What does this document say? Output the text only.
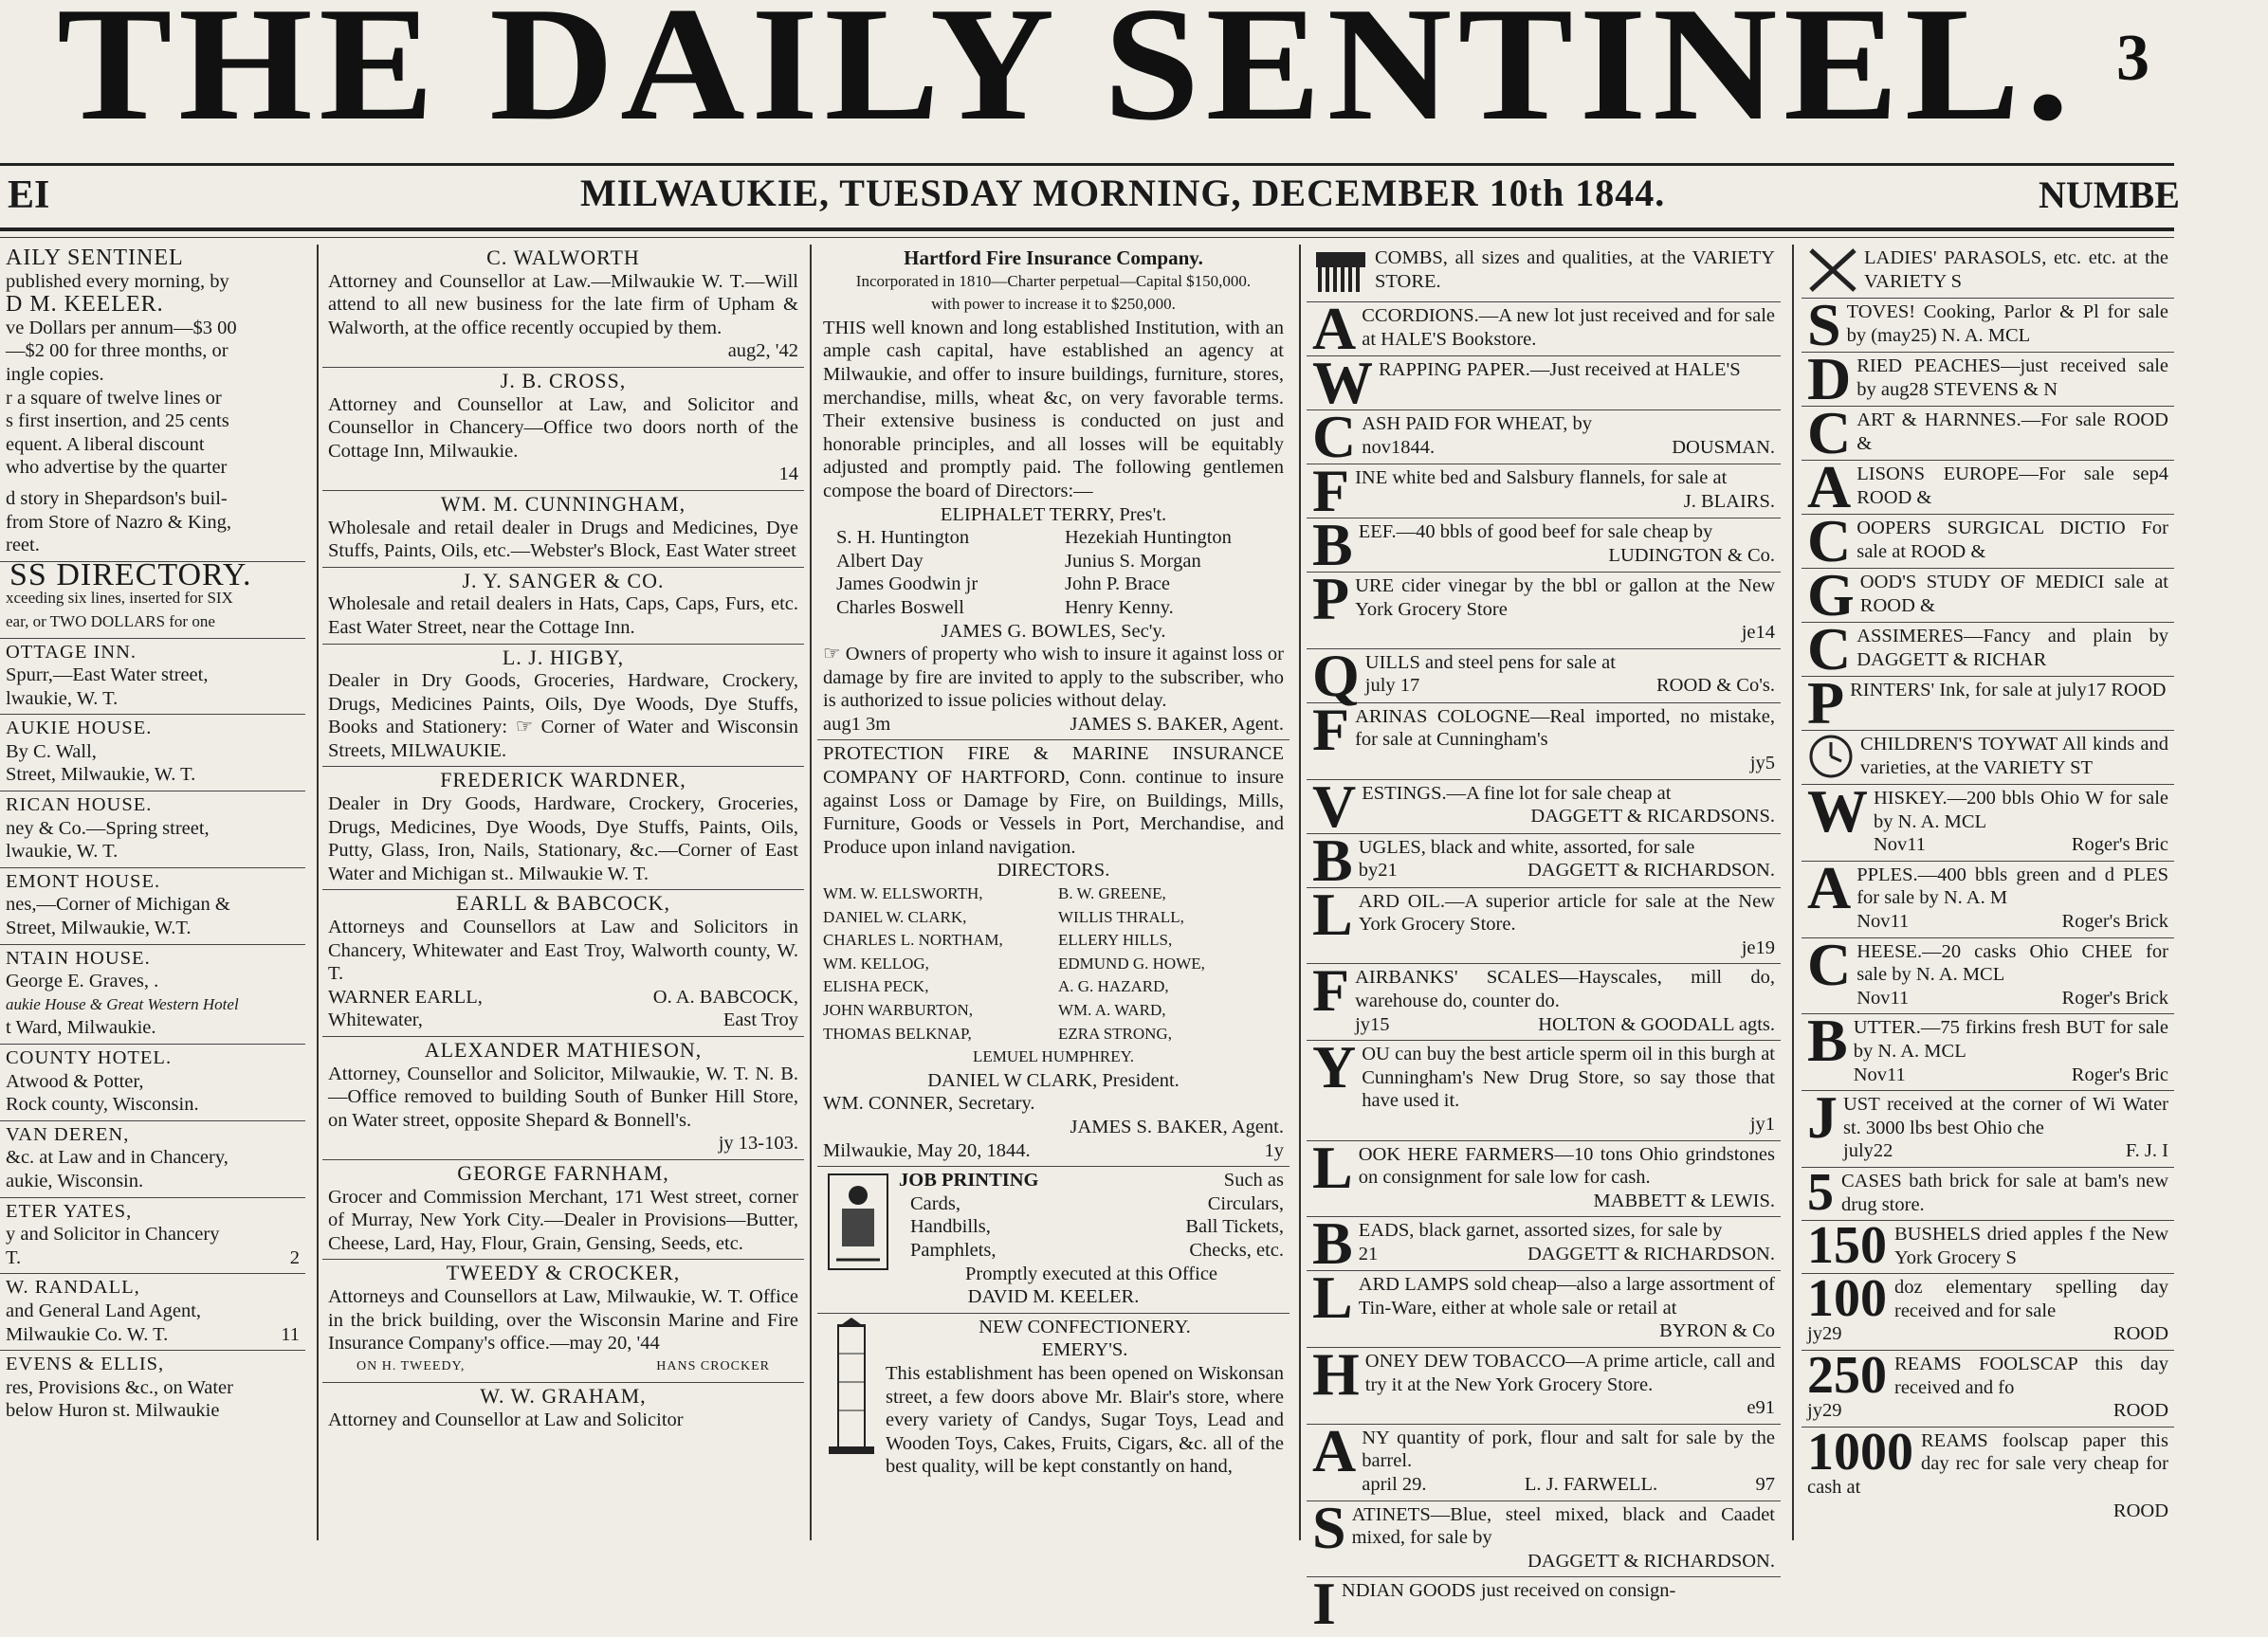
THE DAILY SENTINEL. 3
EI	MILWAUKIE, TUESDAY MORNING, DECEMBER 10th 1844.	NUMBE
AILY SENTINEL
published every morning, by
D M. KEELER.
ve Dollars per annum—$3 00
—$2 00 for three months, or
ingle copies.
r a square of twelve lines or
s first insertion, and 25 cents
equent. A liberal discount
who advertise by the quarter
d story in Shepardson's buil-
from Store of Nazro & King,
reet.
SS DIRECTORY.
xceeding six lines, inserted for SIX
ear, or TWO DOLLARS for one
OTTAGE INN.
Spurr,—East Water street,
lwaukie, W. T.
AUKIE HOUSE.
By C. Wall,
Street, Milwaukie, W. T.
RICAN HOUSE.
ney & Co.—Spring street,
lwaukie, W. T.
EMONT HOUSE.
nes,—Corner of Michigan &
Street, Milwaukie, W.T.
NTAIN HOUSE.
George E. Graves, .
aukie House & Great Western Hotel
t Ward, Milwaukie.
COUNTY HOTEL.
Atwood & Potter,
Rock county, Wisconsin.
VAN DEREN,
&c. at Law and in Chancery,
aukie, Wisconsin.
ETER YATES,
y and Solicitor in Chancery
T.	2
W. RANDALL,
and General Land Agent,
Milwaukie Co. W. T.	11
EVENS & ELLIS,
res, Provisions &c., on Water
below Huron st. Milwaukie
C. WALWORTH

Attorney and Counsellor at Law.—Milwaukie W. T.—Will attend to all new business for the late firm of Upham & Walworth, at the office recently occupied by them.

aug2, '42
J. B. CROSS,

Attorney and Counsellor at Law, and Solicitor and Counsellor in Chancery—Office two doors north of the Cottage Inn, Milwaukie.

14
WM. M. CUNNINGHAM,

Wholesale and retail dealer in Drugs and Medicines, Dye Stuffs, Paints, Oils, etc.—Webster's Block, East Water street

J. Y. SANGER & CO.

Wholesale and retail dealers in Hats, Caps, Caps, Furs, etc. East Water Street, near the Cottage Inn.

L. J. HIGBY,

Dealer in Dry Goods, Groceries, Hardware, Crockery, Drugs, Medicines Paints, Oils, Dye Woods, Dye Stuffs, Books and Stationery: ☞ Corner of Water and Wisconsin Streets, MILWAUKIE.

FREDERICK WARDNER,

Dealer in Dry Goods, Hardware, Crockery, Groceries, Drugs, Medicines, Dye Woods, Dye Stuffs, Paints, Oils, Putty, Glass, Iron, Nails, Stationary, &c.—Corner of East Water and Michigan st.. Milwaukie W. T.

EARLL & BABCOCK,

Attorneys and Counsellors at Law and Solicitors in Chancery, Whitewater and East Troy, Walworth county, W. T.

WARNER EARLL,	O. A. BABCOCK,
Whitewater,	East Troy
ALEXANDER MATHIESON,

Attorney, Counsellor and Solicitor, Milwaukie, W. T. N. B.—Office removed to building South of Bunker Hill Store, on Water street, opposite Shepard & Bonnell's.

jy 13-103.
GEORGE FARNHAM,

Grocer and Commission Merchant, 171 West street, corner of Murray, New York City.—Dealer in Provisions—Butter, Cheese, Lard, Hay, Flour, Grain, Gensing, Seeds, etc.

TWEEDY & CROCKER,

Attorneys and Counsellors at Law, Milwaukie, W. T. Office in the brick building, over the Wisconsin Marine and Fire Insurance Company's office.—may 20, '44

ON H. TWEEDY,	HANS CROCKER
W. W. GRAHAM,

Attorney and Counsellor at Law and Solicitor

Hartford Fire Insurance Company.
Incorporated in 1810—Charter perpetual—Capital $150,000.
with power to increase it to $250,000.

THIS well known and long established Institution, with an ample cash capital, have established an agency at Milwaukie, and offer to insure buildings, furniture, stores, merchandise, mills, wheat &c, on very favorable terms. Their extensive business is conducted on just and honorable principles, and all losses will be equitably adjusted and promptly paid. The following gentlemen compose the board of Directors:—

ELIPHALET TERRY, Pres't.
S. H. Huntington	Hezekiah Huntington
Albert Day	Junius S. Morgan
James Goodwin jr	John P. Brace
Charles Boswell	Henry Kenny.
JAMES G. BOWLES, Sec'y.

☞ Owners of property who wish to insure it against loss or damage by fire are invited to apply to the subscriber, who is authorized to issue policies without delay.

aug1 3m	JAMES S. BAKER, Agent.

PROTECTION FIRE & MARINE INSURANCE COMPANY OF HARTFORD, Conn. continue to insure against Loss or Damage by Fire, on Buildings, Mills, Furniture, Goods or Vessels in Port, Merchandise, and Produce upon inland navigation.

DIRECTORS.
WM. W. ELLSWORTH,	B. W. GREENE,
DANIEL W. CLARK,	WILLIS THRALL,
CHARLES L. NORTHAM,	ELLERY HILLS,
WM. KELLOG,	EDMUND G. HOWE,
ELISHA PECK,	A. G. HAZARD,
JOHN WARBURTON,	WM. A. WARD,
THOMAS BELKNAP,	EZRA STRONG,
LEMUEL HUMPHREY.
DANIEL W CLARK, President.
WM. CONNER, Secretary.
JAMES S. BAKER, Agent.
Milwaukie, May 20, 1844.	1y
JOB PRINTING	Such as
Cards,	Circulars,
Handbills,	Ball Tickets,
Pamphlets,	Checks, etc.
Promptly executed at this Office
DAVID M. KEELER.
NEW CONFECTIONERY.
EMERY'S.

This establishment has been opened on Wiskonsan street, a few doors above Mr. Blair's store, where every variety of Candys, Sugar Toys, Lead and Wooden Toys, Cakes, Fruits, Cigars, &c. all of the best quality, will be kept constantly on hand,

COMBS, all sizes and qualities, at the VARIETY STORE.

A CCORDIONS.—A new lot just received and for sale at HALE'S Bookstore.

W RAPPING PAPER.—Just received at HALE'S

C ASH PAID FOR WHEAT, by

nov1844.	DOUSMAN.
F INE white bed and Salsbury flannels, for sale at

J. BLAIRS.
B EEF.—40 bbls of good beef for sale cheap by

LUDINGTON & Co.
P URE cider vinegar by the bbl or gallon at the New York Grocery Store

je14
Q UILLS and steel pens for sale at

july 17	ROOD & Co's.
F ARINAS COLOGNE—Real imported, no mistake, for sale at Cunningham's

jy5
V ESTINGS.—A fine lot for sale cheap at

DAGGETT & RICARDSONS.
B UGLES, black and white, assorted, for sale

by21	DAGGETT & RICHARDSON.
L ARD OIL.—A superior article for sale at the New York Grocery Store.

je19
F AIRBANKS' SCALES—Hayscales, mill do, warehouse do, counter do.

jy15	HOLTON & GOODALL agts.
Y OU can buy the best article sperm oil in this burgh at Cunningham's New Drug Store, so say those that have used it.

jy1
L OOK HERE FARMERS—10 tons Ohio grindstones on consignment for sale low for cash.

MABBETT & LEWIS.
B EADS, black garnet, assorted sizes, for sale by

21	DAGGETT & RICHARDSON.
L ARD LAMPS sold cheap—also a large assortment of Tin-Ware, either at whole sale or retail at

BYRON & Co
H ONEY DEW TOBACCO—A prime article, call and try it at the New York Grocery Store.

e91
A NY quantity of pork, flour and salt for sale by the barrel.

april 29.	L. J. FARWELL.	97
S ATINETS—Blue, steel mixed, black and Caadet mixed, for sale by

DAGGETT & RICHARDSON.
I NDIAN GOODS just received on consign-

LADIES' PARASOLS, etc. etc. at the VARIETY S

S TOVES! Cooking, Parlor & Pl for sale by (may25) N. A. MCL

D RIED PEACHES—just received sale by aug28 STEVENS & N

C ART & HARNNES.—For sale ROOD &

A LISONS EUROPE—For sale sep4 ROOD &

C OOPERS SURGICAL DICTIO For sale at ROOD &

G OOD'S STUDY OF MEDICI sale at ROOD &

C ASSIMERES—Fancy and plain by DAGGETT & RICHAR

P RINTERS' Ink, for sale at july17 ROOD

CHILDREN'S TOYWAT All kinds and varieties, at the VARIETY ST

W HISKEY.—200 bbls Ohio W for sale by N. A. MCL

Nov11	Roger's Bric
A PPLES.—400 bbls green and d PLES for sale by N. A. M

Nov11	Roger's Brick
C HEESE.—20 casks Ohio CHEE for sale by N. A. MCL

Nov11	Roger's Brick
B UTTER.—75 firkins fresh BUT for sale by N. A. MCL

Nov11	Roger's Bric
J UST received at the corner of Wi Water st. 3000 lbs best Ohio che

july22	F. J. I
5 CASES bath brick for sale at bam's new drug store.

150 BUSHELS dried apples f the New York Grocery S

100 doz elementary spelling day received and for sale

jy29	ROOD
250 REAMS FOOLSCAP this day received and fo

jy29	ROOD
1000 REAMS foolscap paper this day rec for sale very cheap for cash at

ROOD
